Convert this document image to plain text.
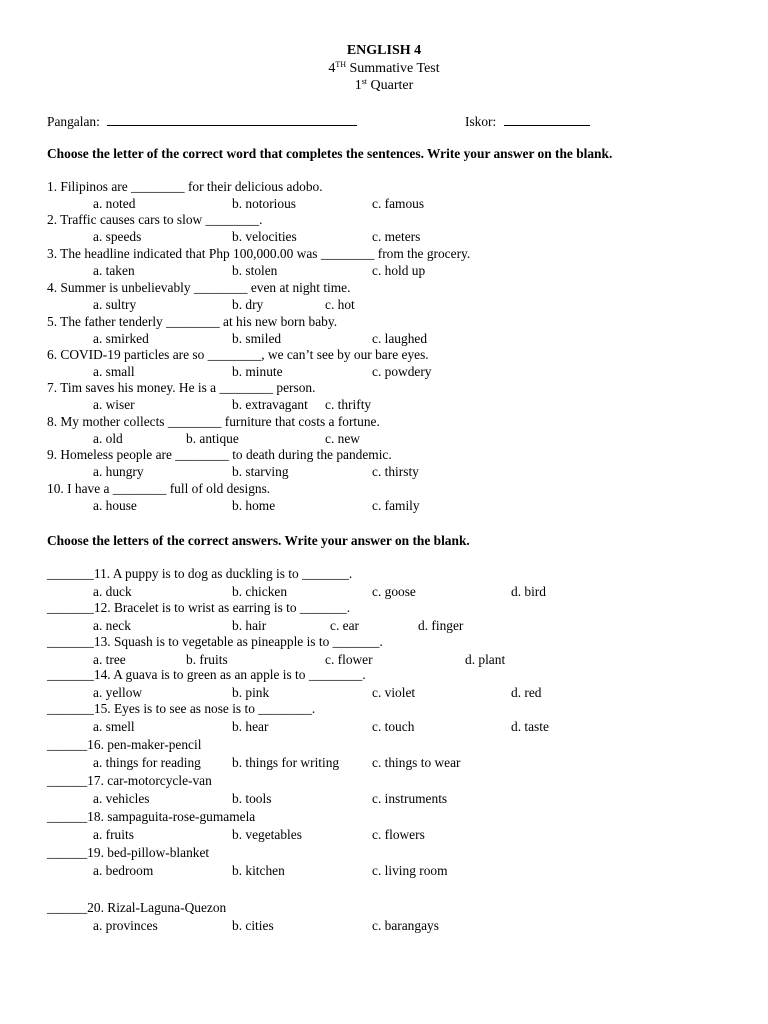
ENGLISH 4
4TH Summative Test
1st Quarter
Pangalan:	Iskor:
Choose the letter of the correct word that completes the sentences. Write your answer on the blank.
1. Filipinos are ________ for their delicious adobo.
a. noted	b. notorious	c. famous
2. Traffic causes cars to slow ________.
a. speeds	b. velocities	c. meters
3. The headline indicated that Php 100,000.00 was ________ from the grocery.
a. taken	b. stolen	c. hold up
4. Summer is unbelievably ________ even at night time.
a. sultry	b. dry	c. hot
5. The father tenderly ________ at his new born baby.
a. smirked	b. smiled	c. laughed
6. COVID-19 particles are so ________, we can’t see by our bare eyes.
a. small	b. minute	c. powdery
7. Tim saves his money. He is a ________ person.
a. wiser	b. extravagant c. thrifty
8. My mother collects ________ furniture that costs a fortune.
a. old	b. antique	c. new
9. Homeless people are ________ to death during the pandemic.
a. hungry	b. starving	c. thirsty
10. I have a ________ full of old designs.
a. house	b. home	c. family
Choose the letters of the correct answers. Write your answer on the blank.
_______11. A puppy is to dog as duckling is to _______.
a. duck	b. chicken	c. goose	d. bird
_______12. Bracelet is to wrist as earring is to _______.
a. neck	b. hair	c. ear	d. finger
_______13. Squash is to vegetable as pineapple is to _______.
a. tree	b. fruits	c. flower	d. plant
_______14. A guava is to green as an apple is to ________.
a. yellow	b. pink	c. violet	d. red
_______15. Eyes is to see as nose is to ________.
a. smell	b. hear	c. touch	d. taste
______16. pen-maker-pencil
a. things for reading b. things for writing c. things to wear
______17. car-motorcycle-van
a. vehicles	b. tools	c. instruments
______18. sampaguita-rose-gumamela
a. fruits	b. vegetables	c. flowers
______19. bed-pillow-blanket
a. bedroom	b. kitchen	c. living room
______20. Rizal-Laguna-Quezon
a. provinces	b. cities	c. barangays
